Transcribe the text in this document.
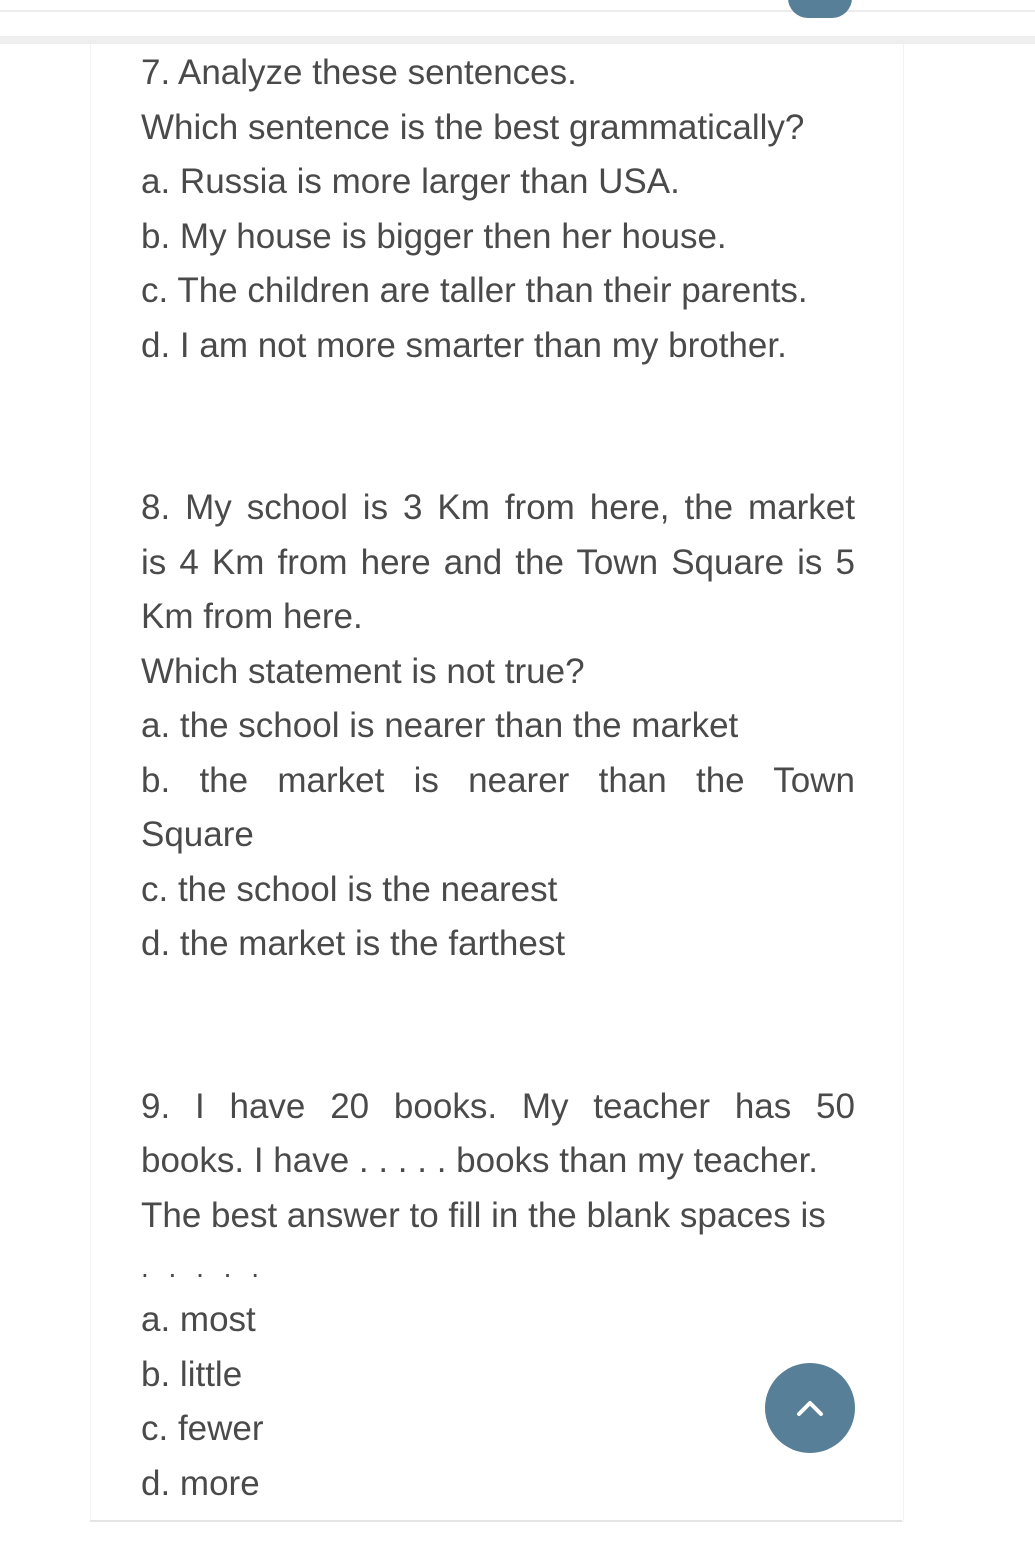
7. Analyze these sentences.
Which sentence is the best grammatically?
a. Russia is more larger than USA.
b. My house is bigger then her house.
c. The children are taller than their parents.
d. I am not more smarter than my brother.
8. My school is 3 Km from here, the market
is 4 Km from here and the Town Square is 5
Km from here.
Which statement is not true?
a. the school is nearer than the market
b. the market is nearer than the Town
Square
c. the school is the nearest
d. the market is the farthest
9. I have 20 books. My teacher has 50
books. I have . . . . . books than my teacher.
The best answer to fill in the blank spaces is
. . . . .
a. most
b. little
c. fewer
d. more
